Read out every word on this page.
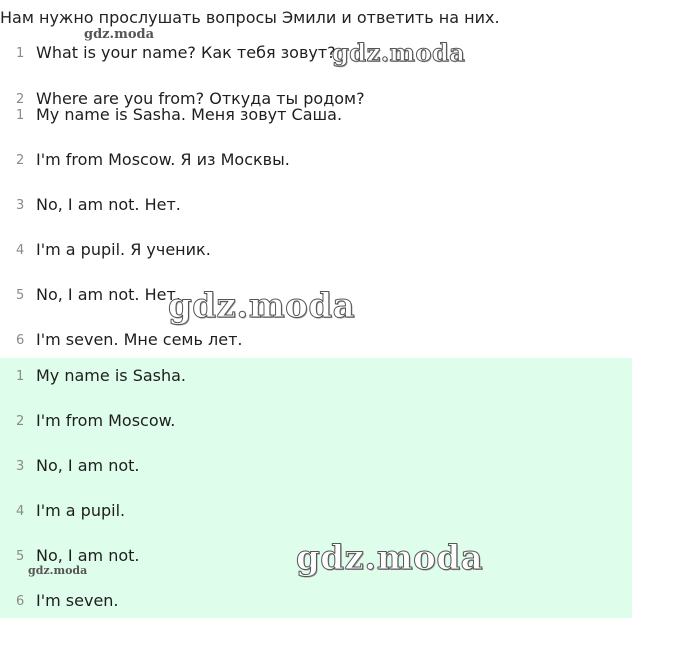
Нам нужно прослушать вопросы Эмили и ответить на них.
1 What is your name? Как тебя зовут?
2 Where are you from? Откуда ты родом?
1 My name is Sasha. Меня зовут Саша.
2 I'm from Moscow. Я из Москвы.
3 No, I am not. Нет.
4 I'm a pupil. Я ученик.
5 No, I am not. Нет.
6 I'm seven. Мне семь лет.
1 My name is Sasha.
2 I'm from Moscow.
3 No, I am not.
4 I'm a pupil.
5 No, I am not.
6 I'm seven.
gdz.moda
gdz.moda
gdz.moda
gdz.moda
gdz.moda
